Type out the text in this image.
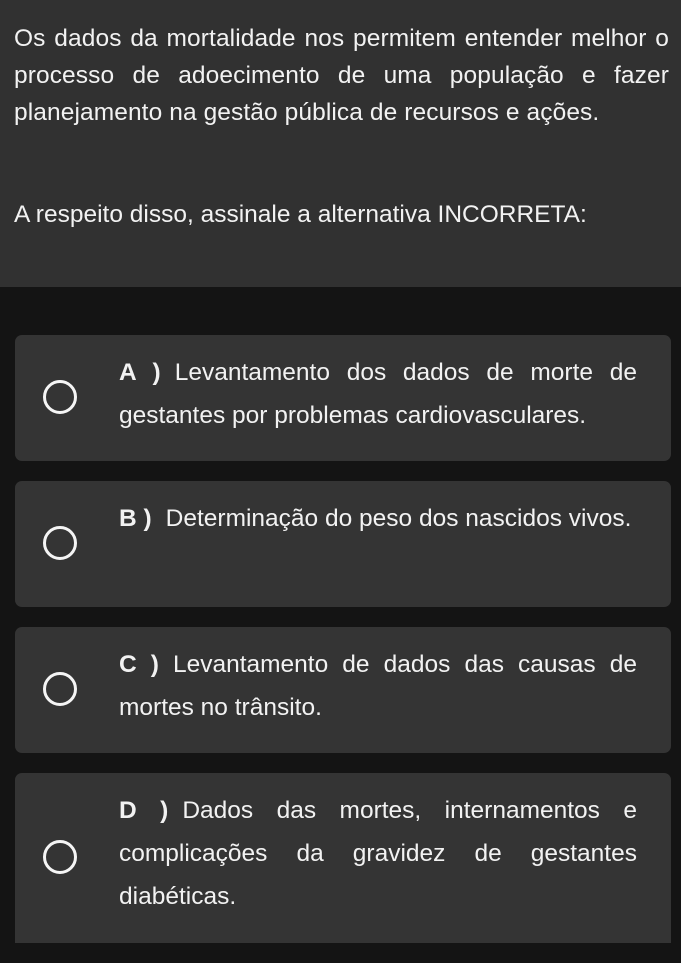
Os dados da mortalidade nos permitem entender melhor o processo de adoecimento de uma população e fazer planejamento na gestão pública de recursos e ações.

A respeito disso, assinale a alternativa INCORRETA:

A ) Levantamento dos dados de morte de gestantes por problemas cardiovasculares.
B ) Determinação do peso dos nascidos vivos.
C ) Levantamento de dados das causas de mortes no trânsito.
D ) Dados das mortes, internamentos e complicações da gravidez de gestantes diabéticas.
